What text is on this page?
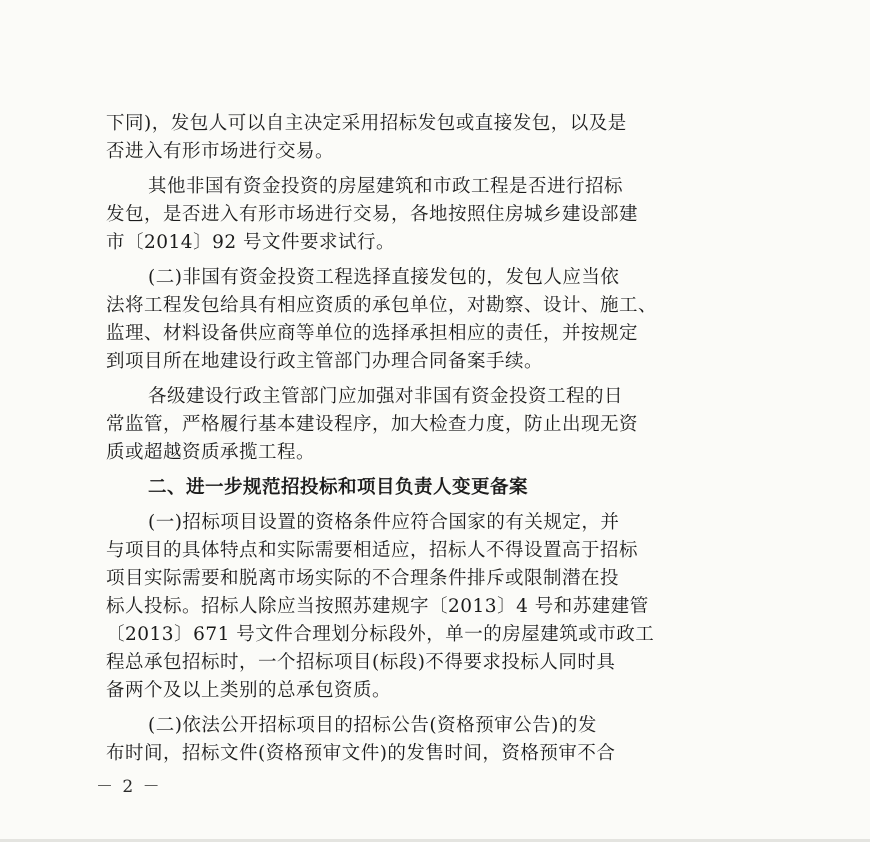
下同)，发包人可以自主决定采用招标发包或直接发包，以及是
否进入有形市场进行交易。
其他非国有资金投资的房屋建筑和市政工程是否进行招标
发包，是否进入有形市场进行交易，各地按照住房城乡建设部建
市〔2014〕92 号文件要求试行。
(二)非国有资金投资工程选择直接发包的，发包人应当依
法将工程发包给具有相应资质的承包单位，对勘察、设计、施工、
监理、材料设备供应商等单位的选择承担相应的责任，并按规定
到项目所在地建设行政主管部门办理合同备案手续。
各级建设行政主管部门应加强对非国有资金投资工程的日
常监管，严格履行基本建设程序，加大检查力度，防止出现无资
质或超越资质承揽工程。
二、进一步规范招投标和项目负责人变更备案
(一)招标项目设置的资格条件应符合国家的有关规定，并
与项目的具体特点和实际需要相适应，招标人不得设置高于招标
项目实际需要和脱离市场实际的不合理条件排斥或限制潜在投
标人投标。招标人除应当按照苏建规字〔2013〕4 号和苏建建管
〔2013〕671 号文件合理划分标段外，单一的房屋建筑或市政工
程总承包招标时，一个招标项目(标段)不得要求投标人同时具
备两个及以上类别的总承包资质。
(二)依法公开招标项目的招标公告(资格预审公告)的发
布时间，招标文件(资格预审文件)的发售时间，资格预审不合
－ 2 －
